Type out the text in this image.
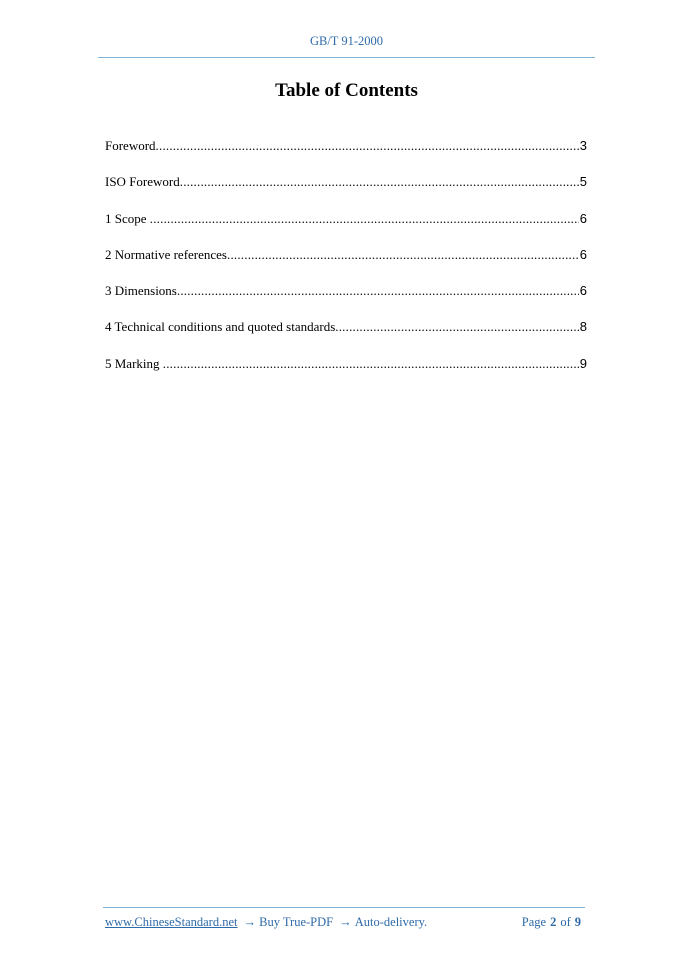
GB/T 91-2000
Table of Contents
Foreword .....	3
ISO Foreword .....	5
1 Scope .....	6
2 Normative references .....	6
3 Dimensions .....	6
4 Technical conditions and quoted standards .....	8
5 Marking .....	9
www.ChineseStandard.net → Buy True-PDF → Auto-delivery.	Page 2 of 9
